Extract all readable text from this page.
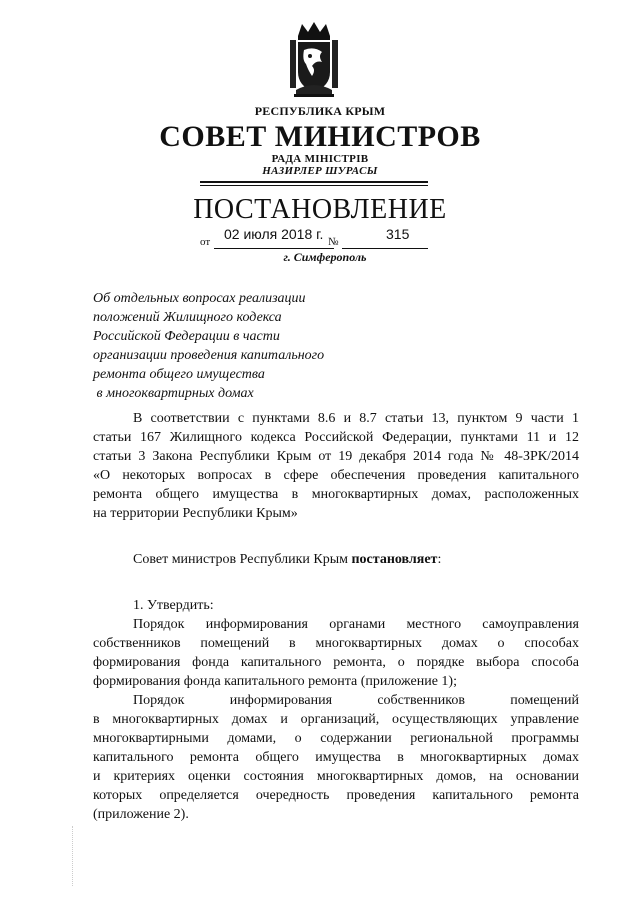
РЕСПУБЛИКА КРЫМ
СОВЕТ МИНИСТРОВ
РАДА МІНІСТРІВ
НАЗИРЛЕР ШУРАСЫ
ПОСТАНОВЛЕНИЕ
от 02 июля 2018 г. №	315
г. Симферополь
Об отдельных вопросах реализации
положений Жилищного кодекса
Российской Федерации в части
организации проведения капитального
ремонта общего имущества
в многоквартирных домах
В соответствии с пунктами 8.6 и 8.7 статьи 13, пунктом 9 части 1
статьи 167 Жилищного кодекса Российской Федерации, пунктами 11 и 12
статьи 3 Закона Республики Крым от 19 декабря 2014 года № 48-ЗРК/2014
«О некоторых вопросах в сфере обеспечения проведения капитального
ремонта общего имущества в многоквартирных домах, расположенных
на территории Республики Крым»
Совет министров Республики Крым постановляет:
1. Утвердить:
Порядок информирования органами местного самоуправления
собственников помещений в многоквартирных домах о способах
формирования фонда капитального ремонта, о порядке выбора способа
формирования фонда капитального ремонта (приложение 1);
Порядок информирования собственников помещений
в многоквартирных домах и организаций, осуществляющих управление
многоквартирными домами, о содержании региональной программы
капитального ремонта общего имущества в многоквартирных домах
и критериях оценки состояния многоквартирных домов, на основании
которых определяется очередность проведения капитального ремонта
(приложение 2).
